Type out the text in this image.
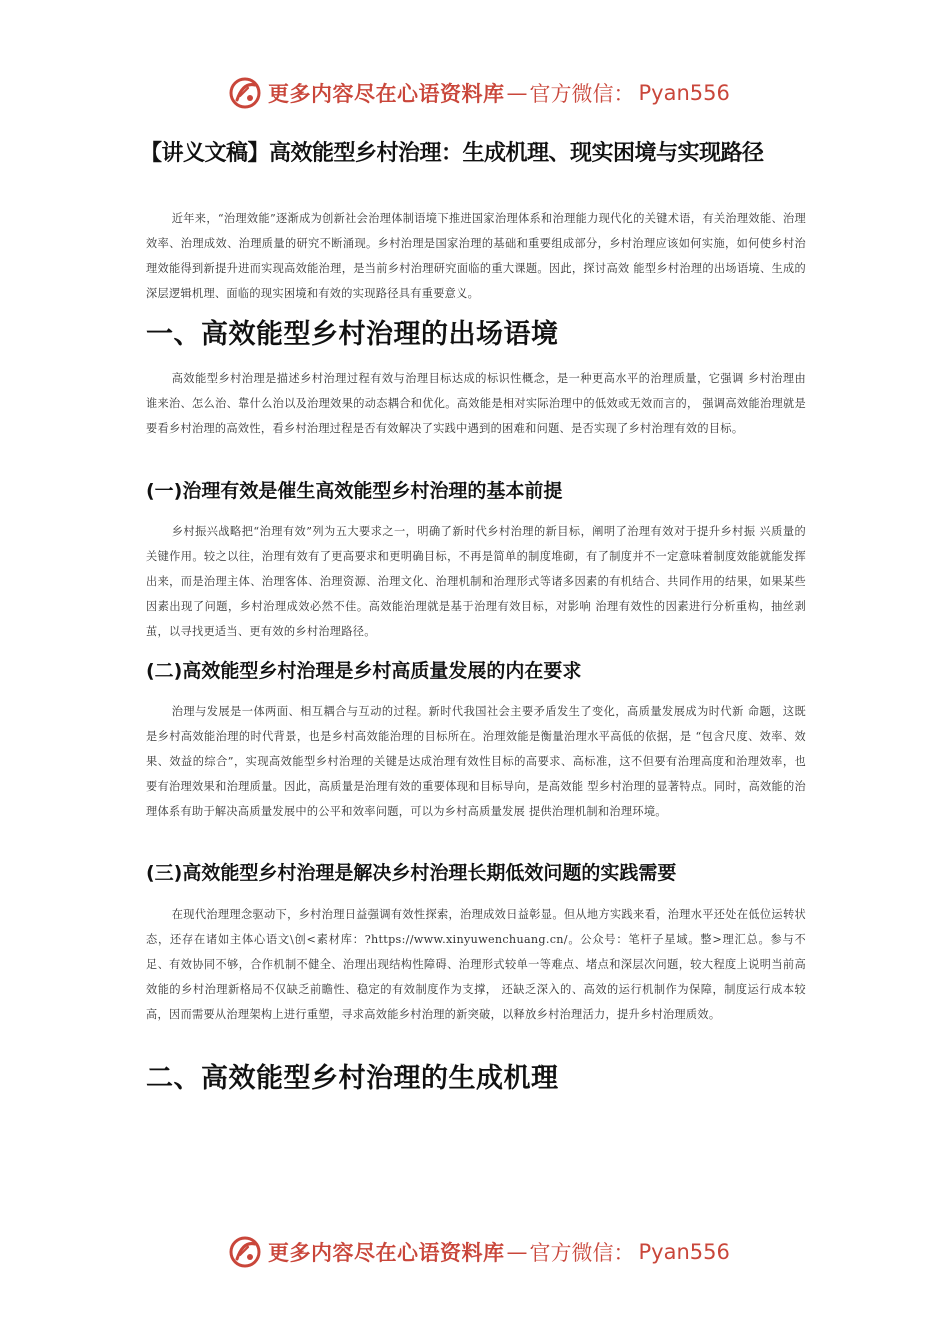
更多内容尽在心语资料库 — 官方微信： Pyan556
【讲义文稿】高效能型乡村治理：生成机理、现实困境与实现路径

近年来，“治理效能”逐渐成为创新社会治理体制语境下推进国家治理体系和治理能力现代化的关键术语，有关治理效能、治理效率、治理成效、治理质量的研究不断涌现。乡村治理是国家治理的基础和重要组成部分，乡村治理应该如何实施，如何使乡村治理效能得到新提升进而实现高效能治理，是当前乡村治理研究面临的重大课题。因此，探讨高效 能型乡村治理的出场语境、生成的深层逻辑机理、面临的现实困境和有效的实现路径具有重要意义。

一、高效能型乡村治理的出场语境

高效能型乡村治理是描述乡村治理过程有效与治理目标达成的标识性概念，是一种更高水平的治理质量，它强调 乡村治理由谁来治、怎么治、靠什么治以及治理效果的动态耦合和优化。高效能是相对实际治理中的低效或无效而言的， 强调高效能治理就是要看乡村治理的高效性，看乡村治理过程是否有效解决了实践中遇到的困难和问题、是否实现了乡村治理有效的目标。

(一)治理有效是催生高效能型乡村治理的基本前提

乡村振兴战略把“治理有效”列为五大要求之一，明确了新时代乡村治理的新目标，阐明了治理有效对于提升乡村振 兴质量的关键作用。较之以往，治理有效有了更高要求和更明确目标，不再是简单的制度堆砌，有了制度并不一定意味着制度效能就能发挥出来，而是治理主体、治理客体、治理资源、治理文化、治理机制和治理形式等诸多因素的有机结合、共同作用的结果，如果某些因素出现了问题，乡村治理成效必然不佳。高效能治理就是基于治理有效目标，对影响 治理有效性的因素进行分析重构，抽丝剥茧，以寻找更适当、更有效的乡村治理路径。

(二)高效能型乡村治理是乡村高质量发展的内在要求

治理与发展是一体两面、相互耦合与互动的过程。新时代我国社会主要矛盾发生了变化，高质量发展成为时代新 命题，这既是乡村高效能治理的时代背景，也是乡村高效能治理的目标所在。治理效能是衡量治理水平高低的依据，是 “包含尺度、效率、效果、效益的综合”，实现高效能型乡村治理的关键是达成治理有效性目标的高要求、高标准，这不但要有治理高度和治理效率，也要有治理效果和治理质量。因此，高质量是治理有效的重要体现和目标导向，是高效能 型乡村治理的显著特点。同时，高效能的治理体系有助于解决高质量发展中的公平和效率问题，可以为乡村高质量发展 提供治理机制和治理环境。

(三)高效能型乡村治理是解决乡村治理长期低效问题的实践需要

在现代治理理念驱动下，乡村治理日益强调有效性探索，治理成效日益彰显。但从地方实践来看，治理水平还处在低位运转状态，还存在诸如主体心语文\创<素材库：?https://www.xinyuwenchuang.cn/。公众号：笔杆子星域。整>理汇总。参与不足、有效协同不够，合作机制不健全、治理出现结构性障碍、治理形式较单一等难点、堵点和深层次问题，较大程度上说明当前高效能的乡村治理新格局不仅缺乏前瞻性、稳定的有效制度作为支撑， 还缺乏深入的、高效的运行机制作为保障，制度运行成本较高，因而需要从治理架构上进行重塑，寻求高效能乡村治理的新突破，以释放乡村治理活力，提升乡村治理质效。

二、高效能型乡村治理的生成机理
更多内容尽在心语资料库 — 官方微信： Pyan556
